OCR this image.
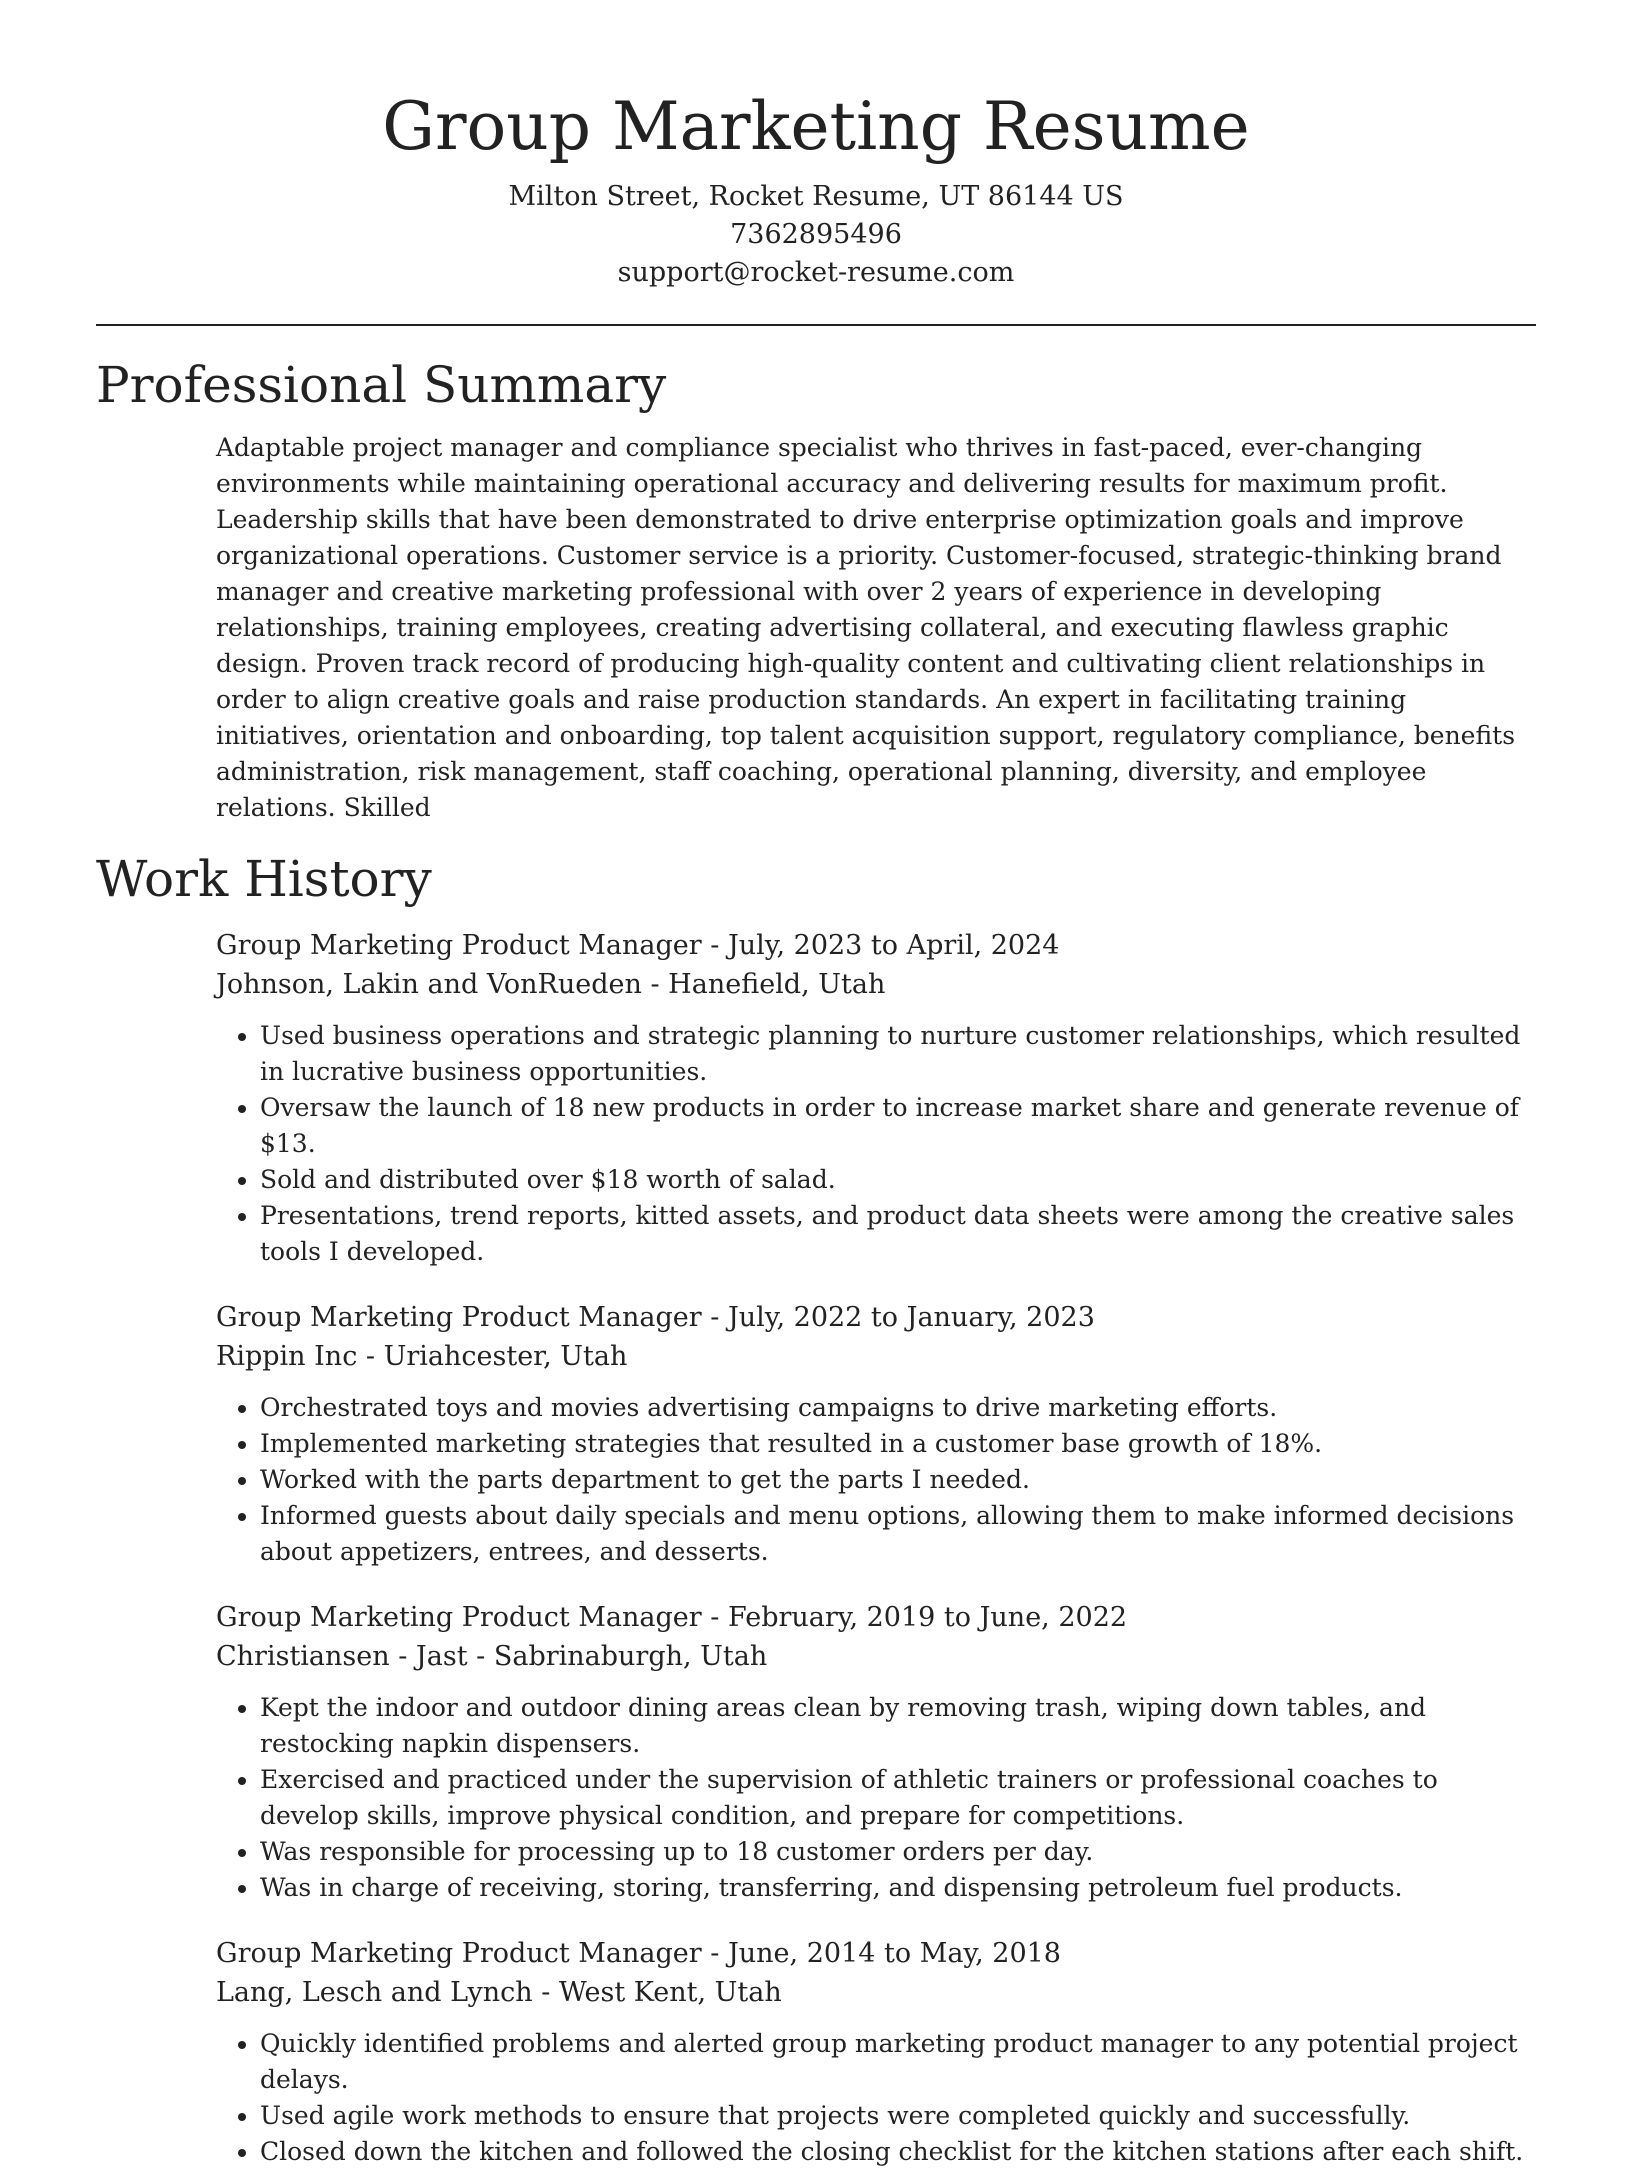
Group Marketing Resume

Milton Street, Rocket Resume, UT 86144 US

7362895496

support@rocket-resume.com

Professional Summary

Adaptable project manager and compliance specialist who thrives in fast-paced, ever-changing environments while maintaining operational accuracy and delivering results for maximum profit. Leadership skills that have been demonstrated to drive enterprise optimization goals and improve organizational operations. Customer service is a priority. Customer-focused, strategic-thinking brand manager and creative marketing professional with over 2 years of experience in developing relationships, training employees, creating advertising collateral, and executing flawless graphic design. Proven track record of producing high-quality content and cultivating client relationships in order to align creative goals and raise production standards. An expert in facilitating training initiatives, orientation and onboarding, top talent acquisition support, regulatory compliance, benefits administration, risk management, staff coaching, operational planning, diversity, and employee relations. Skilled

Work History

Group Marketing Product Manager - July, 2023 to April, 2024

Johnson, Lakin and VonRueden - Hanefield, Utah

• Used business operations and strategic planning to nurture customer relationships, which resulted in lucrative business opportunities.
• Oversaw the launch of 18 new products in order to increase market share and generate revenue of $13.
• Sold and distributed over $18 worth of salad.
• Presentations, trend reports, kitted assets, and product data sheets were among the creative sales tools I developed.

Group Marketing Product Manager - July, 2022 to January, 2023

Rippin Inc - Uriahcester, Utah

• Orchestrated toys and movies advertising campaigns to drive marketing efforts.
• Implemented marketing strategies that resulted in a customer base growth of 18%.
• Worked with the parts department to get the parts I needed.
• Informed guests about daily specials and menu options, allowing them to make informed decisions about appetizers, entrees, and desserts.

Group Marketing Product Manager - February, 2019 to June, 2022

Christiansen - Jast - Sabrinaburgh, Utah

• Kept the indoor and outdoor dining areas clean by removing trash, wiping down tables, and restocking napkin dispensers.
• Exercised and practiced under the supervision of athletic trainers or professional coaches to develop skills, improve physical condition, and prepare for competitions.
• Was responsible for processing up to 18 customer orders per day.
• Was in charge of receiving, storing, transferring, and dispensing petroleum fuel products.

Group Marketing Product Manager - June, 2014 to May, 2018

Lang, Lesch and Lynch - West Kent, Utah

• Quickly identified problems and alerted group marketing product manager to any potential project delays.
• Used agile work methods to ensure that projects were completed quickly and successfully.
• Closed down the kitchen and followed the closing checklist for the kitchen stations after each shift.
